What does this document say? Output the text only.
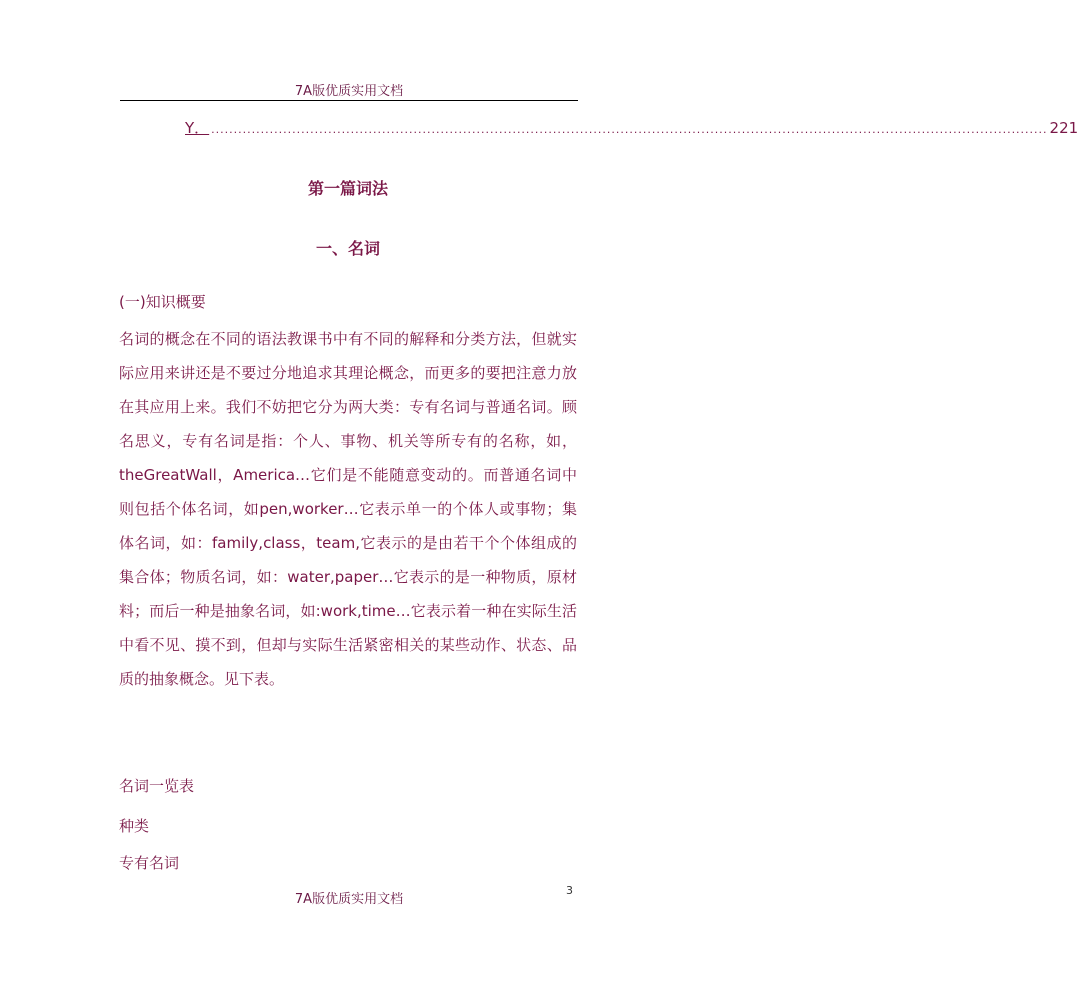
7A版优质实用文档
Y． .......................................................................................................................................................................................... 221
第一篇词法
一、名词
(一)知识概要

名词的概念在不同的语法教课书中有不同的解释和分类方法，但就实际应用来讲还是不要过分地追求其理论概念，而更多的要把注意力放在其应用上来。我们不妨把它分为两大类：专有名词与普通名词。顾名思义，专有名词是指：个人、事物、机关等所专有的名称，如，theGreatWall，America…它们是不能随意变动的。而普通名词中则包括个体名词，如pen,worker…它表示单一的个体人或事物；集体名词，如：family,class，team,它表示的是由若干个个体组成的集合体；物质名词，如：water,paper…它表示的是一种物质，原材料；而后一种是抽象名词，如:work,time…它表示着一种在实际生活中看不见、摸不到，但却与实际生活紧密相关的某些动作、状态、品质的抽象概念。见下表。

名词一览表
种类
专有名词
3
7A版优质实用文档
